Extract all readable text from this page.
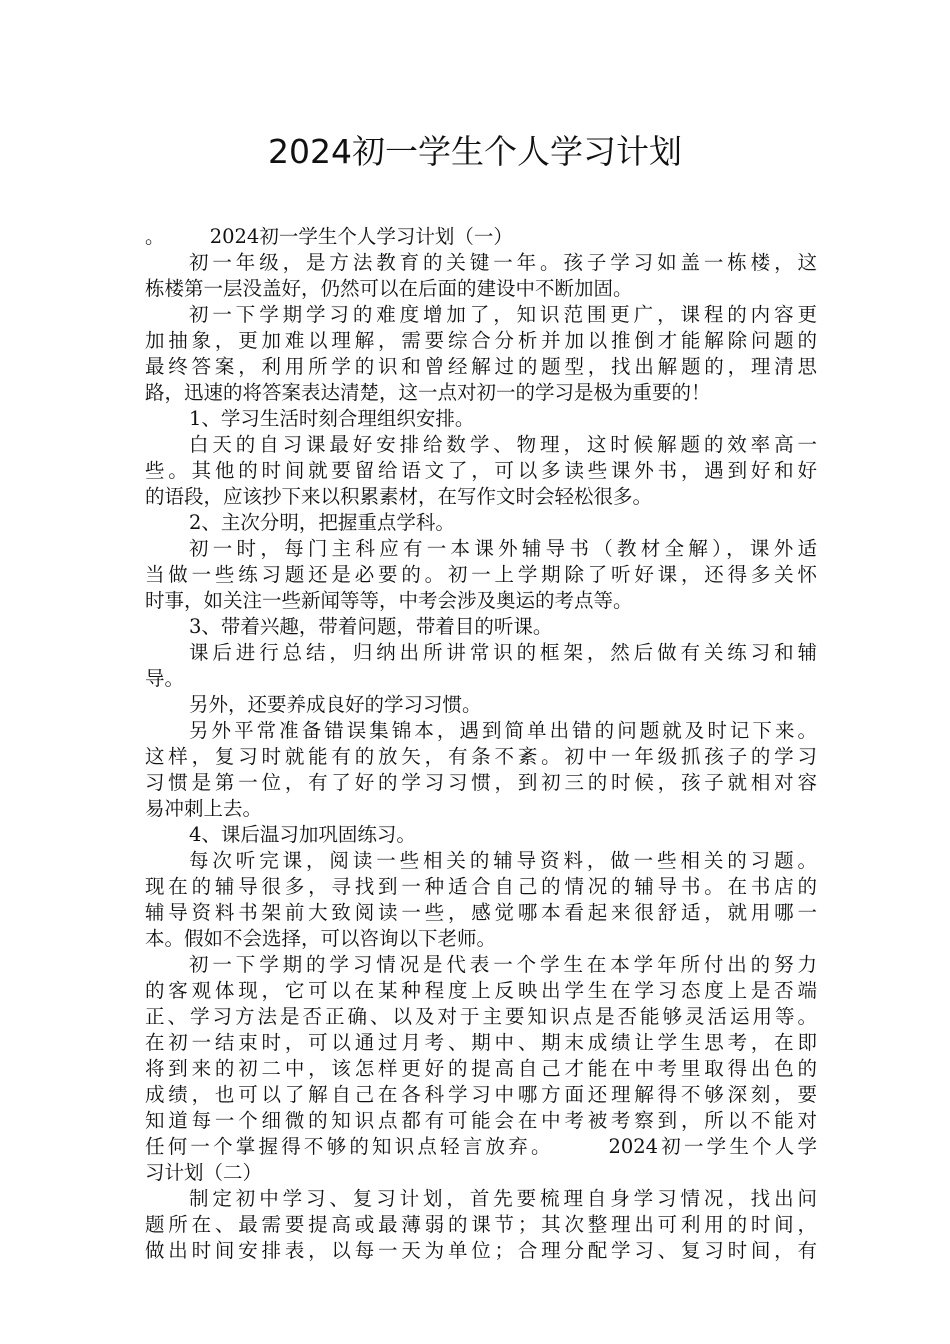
2024初一学生个人学习计划

。 　　2024初一学生个人学习计划（一）

初一年级，是方法教育的关键一年。孩子学习如盖一栋楼，这

栋楼第一层没盖好，仍然可以在后面的建设中不断加固。

初一下学期学习的难度增加了，知识范围更广，课程的内容更

加抽象，更加难以理解，需要综合分析并加以推倒才能解除问题的

最终答案，利用所学的识和曾经解过的题型，找出解题的，理清思

路，迅速的将答案表达清楚，这一点对初一的学习是极为重要的！

1、学习生活时刻合理组织安排。

白天的自习课最好安排给数学、物理，这时候解题的效率高一

些。其他的时间就要留给语文了，可以多读些课外书，遇到好和好

的语段，应该抄下来以积累素材，在写作文时会轻松很多。

2、主次分明，把握重点学科。

初一时，每门主科应有一本课外辅导书（教材全解），课外适

当做一些练习题还是必要的。初一上学期除了听好课，还得多关怀

时事，如关注一些新闻等等，中考会涉及奥运的考点等。

3、带着兴趣，带着问题，带着目的听课。

课后进行总结，归纳出所讲常识的框架，然后做有关练习和辅

导。

另外，还要养成良好的学习习惯。

另外平常准备错误集锦本，遇到简单出错的问题就及时记下来。

这样，复习时就能有的放矢，有条不紊。初中一年级抓孩子的学习

习惯是第一位，有了好的学习习惯，到初三的时候，孩子就相对容

易冲刺上去。

4、课后温习加巩固练习。

每次听完课，阅读一些相关的辅导资料，做一些相关的习题。

现在的辅导很多，寻找到一种适合自己的情况的辅导书。在书店的

辅导资料书架前大致阅读一些，感觉哪本看起来很舒适，就用哪一

本。假如不会选择，可以咨询以下老师。

初一下学期的学习情况是代表一个学生在本学年所付出的努力

的客观体现，它可以在某种程度上反映出学生在学习态度上是否端

正、学习方法是否正确、以及对于主要知识点是否能够灵活运用等。

在初一结束时，可以通过月考、期中、期末成绩让学生思考，在即

将到来的初二中，该怎样更好的提高自己才能在中考里取得出色的

成绩，也可以了解自己在各科学习中哪方面还理解得不够深刻，要

知道每一个细微的知识点都有可能会在中考被考察到，所以不能对

任何一个掌握得不够的知识点轻言放弃。 　　2024初一学生个人学

习计划（二）

制定初中学习、复习计划，首先要梳理自身学习情况，找出问

题所在、最需要提高或最薄弱的课节；其次整理出可利用的时间，

做出时间安排表，以每一天为单位；合理分配学习、复习时间，有
